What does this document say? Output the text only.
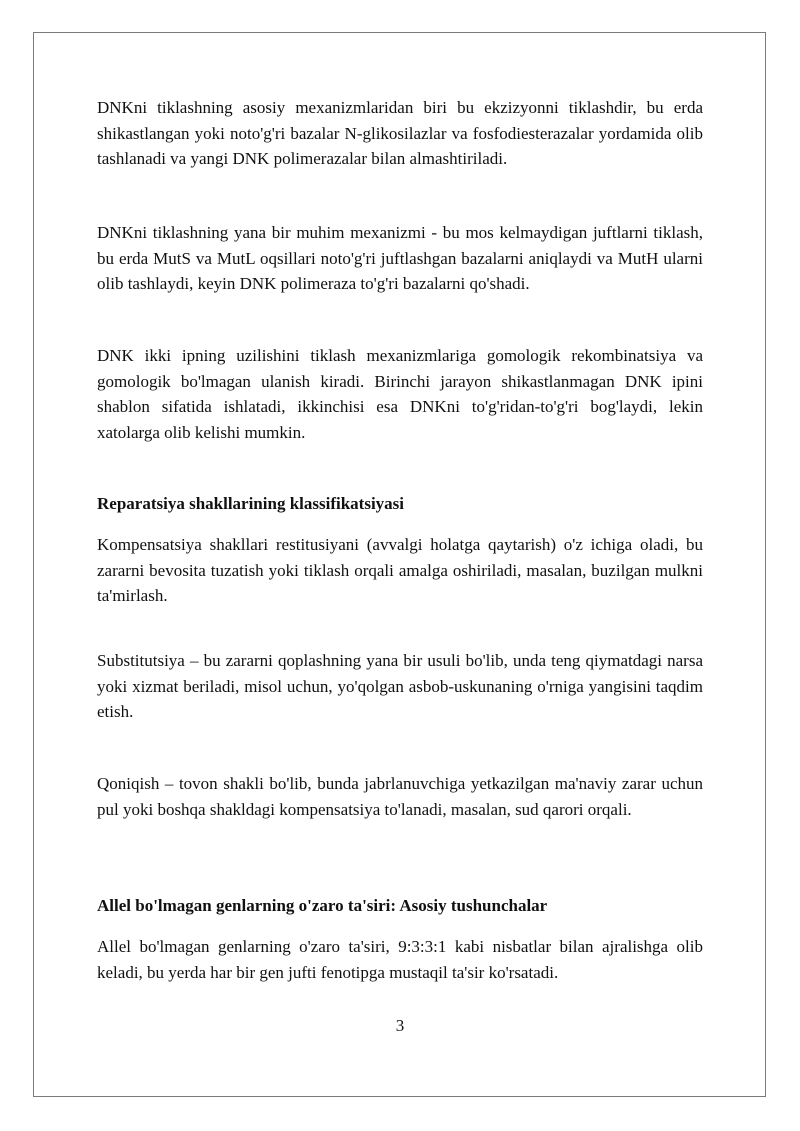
DNKni tiklashning asosiy mexanizmlaridan biri bu ekzizyonni tiklashdir, bu erda shikastlangan yoki noto'g'ri bazalar N-glikosilazlar va fosfodiesterazalar yordamida olib tashlanadi va yangi DNK polimerazalar bilan almashtiriladi.

DNKni tiklashning yana bir muhim mexanizmi - bu mos kelmaydigan juftlarni tiklash, bu erda MutS va MutL oqsillari noto'g'ri juftlashgan bazalarni aniqlaydi va MutH ularni olib tashlaydi, keyin DNK polimeraza to'g'ri bazalarni qo'shadi.

DNK ikki ipning uzilishini tiklash mexanizmlariga gomologik rekombinatsiya va gomologik bo'lmagan ulanish kiradi. Birinchi jarayon shikastlanmagan DNK ipini shablon sifatida ishlatadi, ikkinchisi esa DNKni to'g'ridan-to'g'ri bog'laydi, lekin xatolarga olib kelishi mumkin.

Reparatsiya shakllarining klassifikatsiyasi

Kompensatsiya shakllari restitusiyani (avvalgi holatga qaytarish) o'z ichiga oladi, bu zararni bevosita tuzatish yoki tiklash orqali amalga oshiriladi, masalan, buzilgan mulkni ta'mirlash.

Substitutsiya – bu zararni qoplashning yana bir usuli bo'lib, unda teng qiymatdagi narsa yoki xizmat beriladi, misol uchun, yo'qolgan asbob-uskunaning o'rniga yangisini taqdim etish.

Qoniqish – tovon shakli bo'lib, bunda jabrlanuvchiga yetkazilgan ma'naviy zarar uchun pul yoki boshqa shakldagi kompensatsiya to'lanadi, masalan, sud qarori orqali.

Allel bo'lmagan genlarning o'zaro ta'siri: Asosiy tushunchalar

Allel bo'lmagan genlarning o'zaro ta'siri, 9:3:3:1 kabi nisbatlar bilan ajralishga olib keladi, bu yerda har bir gen jufti fenotipga mustaqil ta'sir ko'rsatadi.

3
